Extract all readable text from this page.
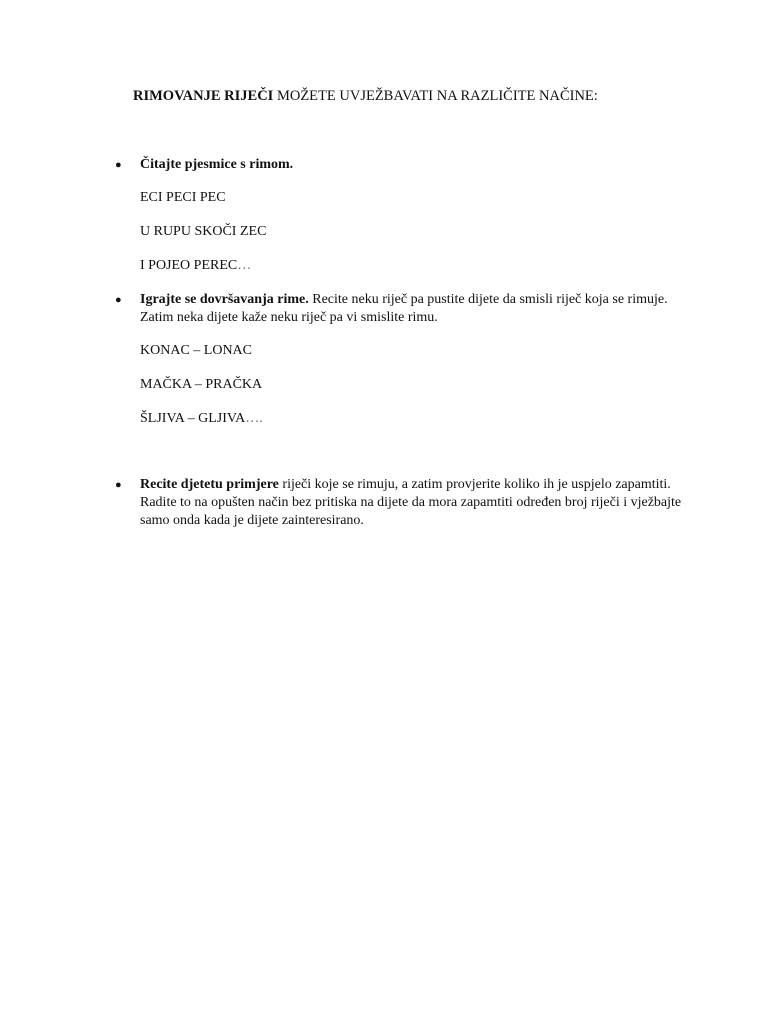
RIMOVANJE RIJEČI MOŽETE UVJEŽBAVATI NA RAZLIČITE NAČINE:
● Čitajte pjesmice s rimom.
ECI PECI PEC
U RUPU SKOČI ZEC
I POJEO PEREC…
● Igrajte se dovršavanja rime. Recite neku riječ pa pustite dijete da smisli riječ koja se rimuje. Zatim neka dijete kaže neku riječ pa vi smislite rimu.
KONAC – LONAC
MAČKA – PRAČKA
ŠLJIVA – GLJIVA….
● Recite djetetu primjere riječi koje se rimuju, a zatim provjerite koliko ih je uspjelo zapamtiti. Radite to na opušten način bez pritiska na dijete da mora zapamtiti određen broj riječi i vježbajte samo onda kada je dijete zainteresirano.
